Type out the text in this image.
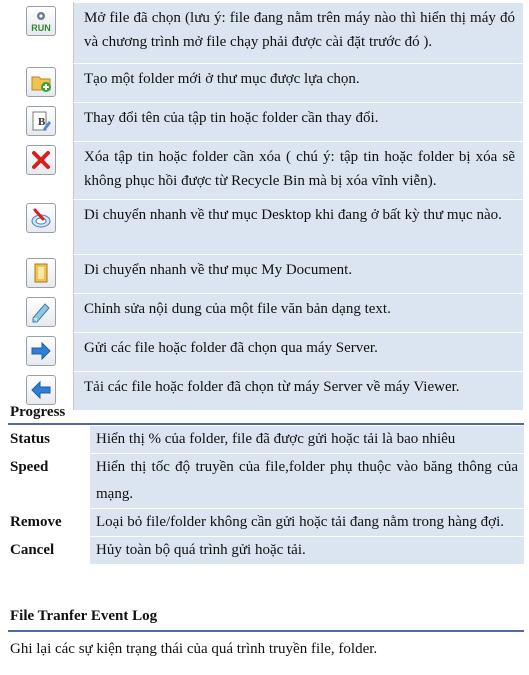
RUN	Mở file đã chọn (lưu ý: file đang nằm trên máy nào thì hiển thị máy đó và chương trình mở file chạy phải được cài đặt trước đó ).

	Tạo một folder mới ở thư mục được lựa chọn.

B	Thay đổi tên của tập tin hoặc folder cần thay đổi.

	Xóa tập tin hoặc folder cần xóa ( chú ý: tập tin hoặc folder bị xóa sẽ không phục hồi được từ Recycle Bin mà bị xóa vĩnh viễn).

	Di chuyển nhanh về thư mục Desktop khi đang ở bất kỳ thư mục nào.

	Di chuyển nhanh về thư mục My Document.

	Chỉnh sửa nội dung của một file văn bản dạng text.

	Gửi các file hoặc folder đã chọn qua máy Server.

	Tải các file hoặc folder đã chọn từ máy Server về máy Viewer.
Progress
Status	Hiển thị % của folder, file đã được gửi hoặc tải là bao nhiêu
Speed	Hiển thị tốc độ truyền của file,folder phụ thuộc vào băng thông của mạng.
Remove	Loại bỏ file/folder không cần gửi hoặc tải đang nằm trong hàng đợi.
Cancel	Hủy toàn bộ quá trình gửi hoặc tải.
File Tranfer Event Log
Ghi lại các sự kiện trạng thái của quá trình truyền file, folder.
